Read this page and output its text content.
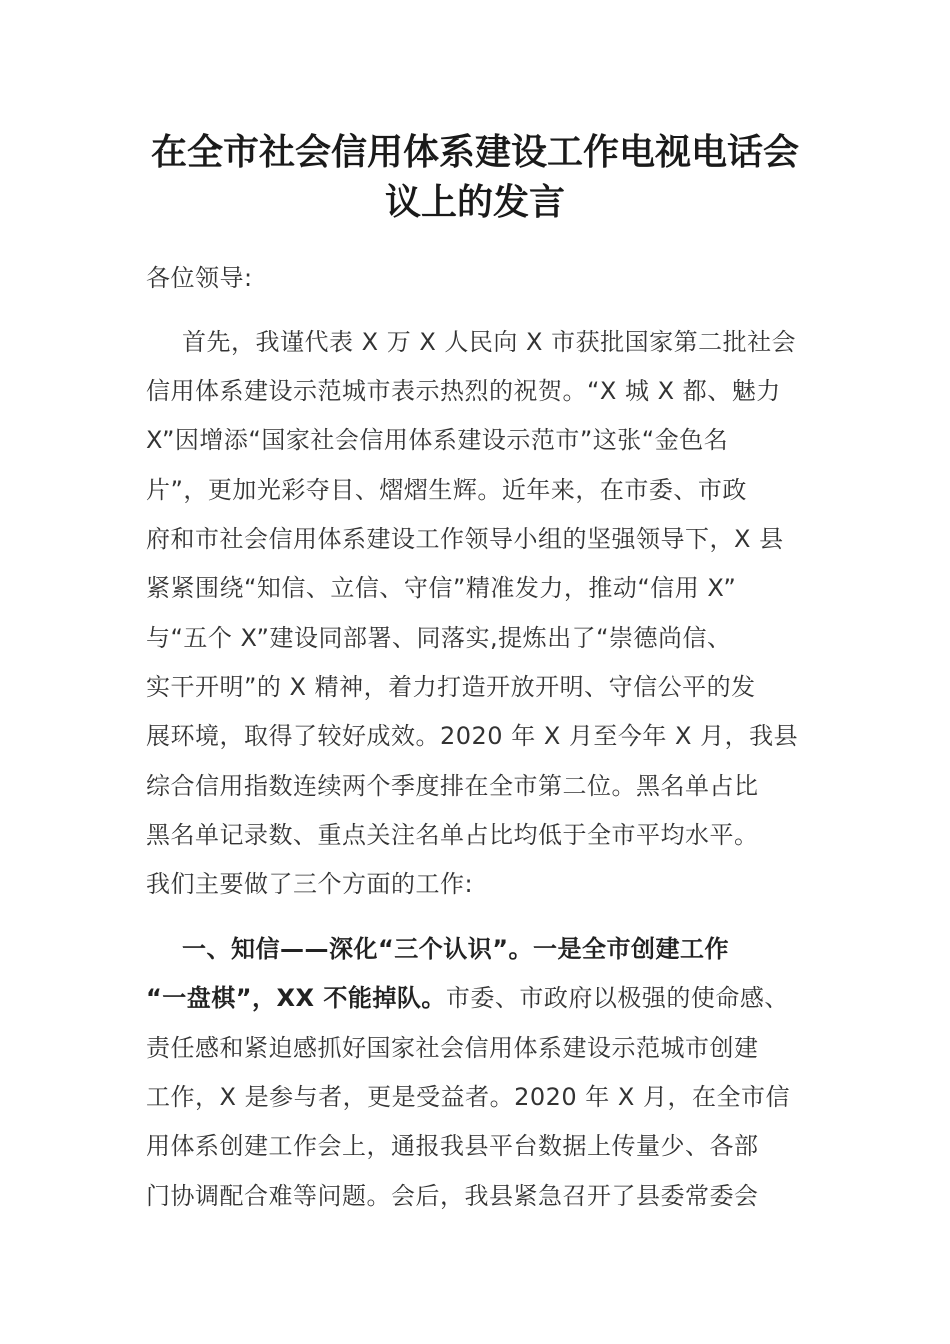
在全市社会信用体系建设工作电视电话会
议上的发言

各位领导:

首先，我谨代表 X 万 X 人民向 X 市获批国家第二批社会

信用体系建设示范城市表示热烈的祝贺。“X 城 X 都、魅力

X”因增添“国家社会信用体系建设示范市”这张“金色名

片”，更加光彩夺目、熠熠生辉。近年来，在市委、市政

府和市社会信用体系建设工作领导小组的坚强领导下，X 县

紧紧围绕“知信、立信、守信”精准发力，推动“信用 X”

与“五个 X”建设同部署、同落实,提炼出了“崇德尚信、

实干开明”的 X 精神，着力打造开放开明、守信公平的发

展环境，取得了较好成效。2020 年 X 月至今年 X 月，我县

综合信用指数连续两个季度排在全市第二位。黑名单占比

黑名单记录数、重点关注名单占比均低于全市平均水平。

我们主要做了三个方面的工作:

一、知信——深化“三个认识”。一是全市创建工作

“一盘棋”，XX 不能掉队。市委、市政府以极强的使命感、

责任感和紧迫感抓好国家社会信用体系建设示范城市创建

工作，X 是参与者，更是受益者。2020 年 X 月，在全市信

用体系创建工作会上，通报我县平台数据上传量少、各部

门协调配合难等问题。会后，我县紧急召开了县委常委会
